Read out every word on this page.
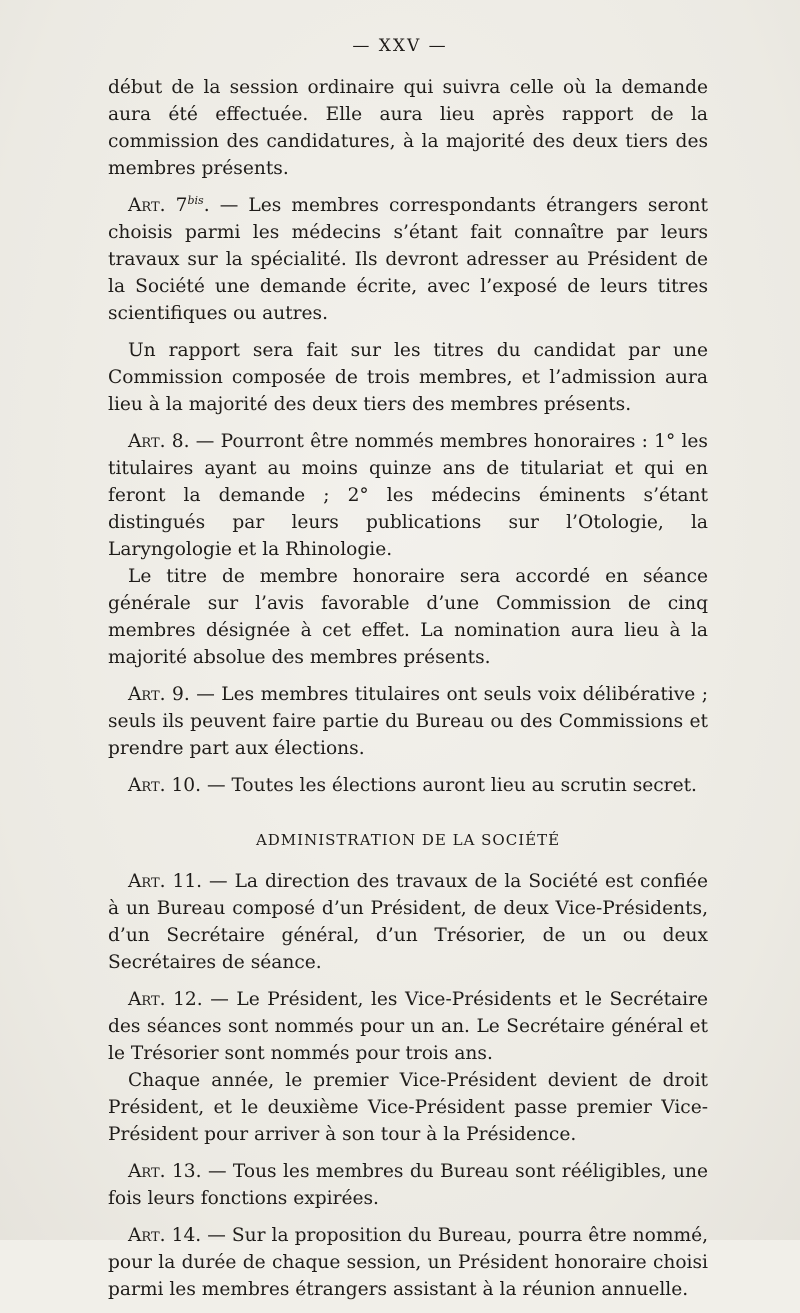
— XXV —

début de la session ordinaire qui suivra celle où la demande aura été effectuée. Elle aura lieu après rapport de la commission des candidatures, à la majorité des deux tiers des membres présents.

Art. $7^{bis}$. — Les membres correspondants étrangers seront choisis parmi les médecins s’étant fait connaître par leurs travaux sur la spécialité. Ils devront adresser au Président de la Société une demande écrite, avec l’exposé de leurs titres scientifiques ou autres.

Un rapport sera fait sur les titres du candidat par une Commission composée de trois membres, et l’admission aura lieu à la majorité des deux tiers des membres présents.

Art. 8. — Pourront être nommés membres honoraires : 1° les titulaires ayant au moins quinze ans de titulariat et qui en feront la demande ; 2° les médecins éminents s’étant distingués par leurs publications sur l’Otologie, la Laryngologie et la Rhinologie.

Le titre de membre honoraire sera accordé en séance générale sur l’avis favorable d’une Commission de cinq membres désignée à cet effet. La nomination aura lieu à la majorité absolue des membres présents.

Art. 9. — Les membres titulaires ont seuls voix délibérative ; seuls ils peuvent faire partie du Bureau ou des Commissions et prendre part aux élections.

Art. 10. — Toutes les élections auront lieu au scrutin secret.

ADMINISTRATION DE LA SOCIÉTÉ

Art. 11. — La direction des travaux de la Société est confiée à un Bureau composé d’un Président, de deux Vice-Présidents, d’un Secrétaire général, d’un Trésorier, de un ou deux Secrétaires de séance.

Art. 12. — Le Président, les Vice-Présidents et le Secrétaire des séances sont nommés pour un an. Le Secrétaire général et le Trésorier sont nommés pour trois ans.

Chaque année, le premier Vice-Président devient de droit Président, et le deuxième Vice-Président passe premier Vice-Président pour arriver à son tour à la Présidence.

Art. 13. — Tous les membres du Bureau sont rééligibles, une fois leurs fonctions expirées.

Art. 14. — Sur la proposition du Bureau, pourra être nommé, pour la durée de chaque session, un Président honoraire choisi parmi les membres étrangers assistant à la réunion annuelle.
